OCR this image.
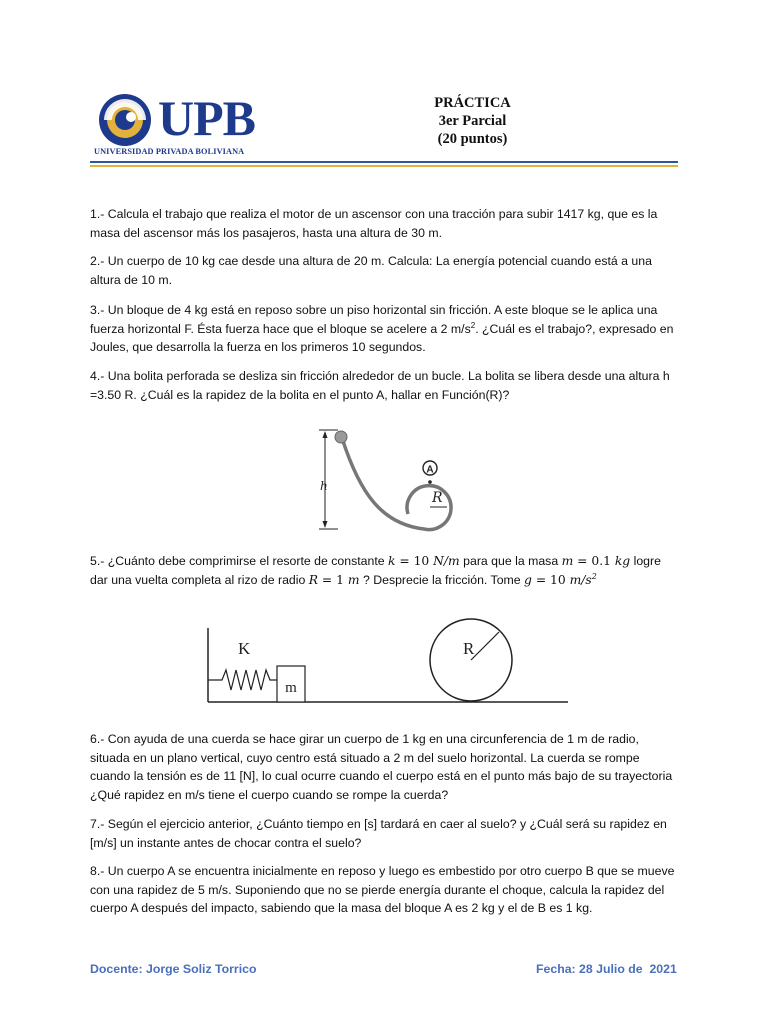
UPB
UNIVERSIDAD PRIVADA BOLIVIANA
PRÁCTICA
3er Parcial
(20 puntos)
1.- Calcula el trabajo que realiza el motor de un ascensor con una tracción para subir 1417 kg, que es la masa del ascensor más los pasajeros, hasta una altura de 30 m.
2.- Un cuerpo de 10 kg cae desde una altura de 20 m. Calcula: La energía potencial cuando está a una altura de 10 m.
3.- Un bloque de 4 kg está en reposo sobre un piso horizontal sin fricción. A este bloque se le aplica una fuerza horizontal F. Ésta fuerza hace que el bloque se acelere a 2 $m/s^2$. ¿Cuál es el trabajo?, expresado en Joules, que desarrolla la fuerza en los primeros 10 segundos.
4.- Una bolita perforada se desliza sin fricción alrededor de un bucle. La bolita se libera desde una altura h =3.50 R. ¿Cuál es la rapidez de la bolita en el punto A, hallar en Función(R)?
h
A
R
5.- ¿Cuánto debe comprimirse el resorte de constante k = 10 N/m para que la masa m = 0.1 kg logre dar una vuelta completa al rizo de radio R = 1 m ? Desprecie la fricción. Tome g = 10 $m/s^2$
K
m
R
6.- Con ayuda de una cuerda se hace girar un cuerpo de 1 kg en una circunferencia de 1 m de radio, situada en un plano vertical, cuyo centro está situado a 2 m del suelo horizontal. La cuerda se rompe cuando la tensión es de 11 [N], lo cual ocurre cuando el cuerpo está en el punto más bajo de su trayectoria ¿Qué rapidez en m/s tiene el cuerpo cuando se rompe la cuerda?
7.- Según el ejercicio anterior, ¿Cuánto tiempo en [s] tardará en caer al suelo? y ¿Cuál será su rapidez en [m/s] un instante antes de chocar contra el suelo?
8.- Un cuerpo A se encuentra inicialmente en reposo y luego es embestido por otro cuerpo B que se mueve con una rapidez de 5 m/s. Suponiendo que no se pierde energía durante el choque, calcula la rapidez del cuerpo A después del impacto, sabiendo que la masa del bloque A es 2 kg y el de B es 1 kg.
Docente: Jorge Soliz Torrico	Fecha: 28 Julio de  2021
